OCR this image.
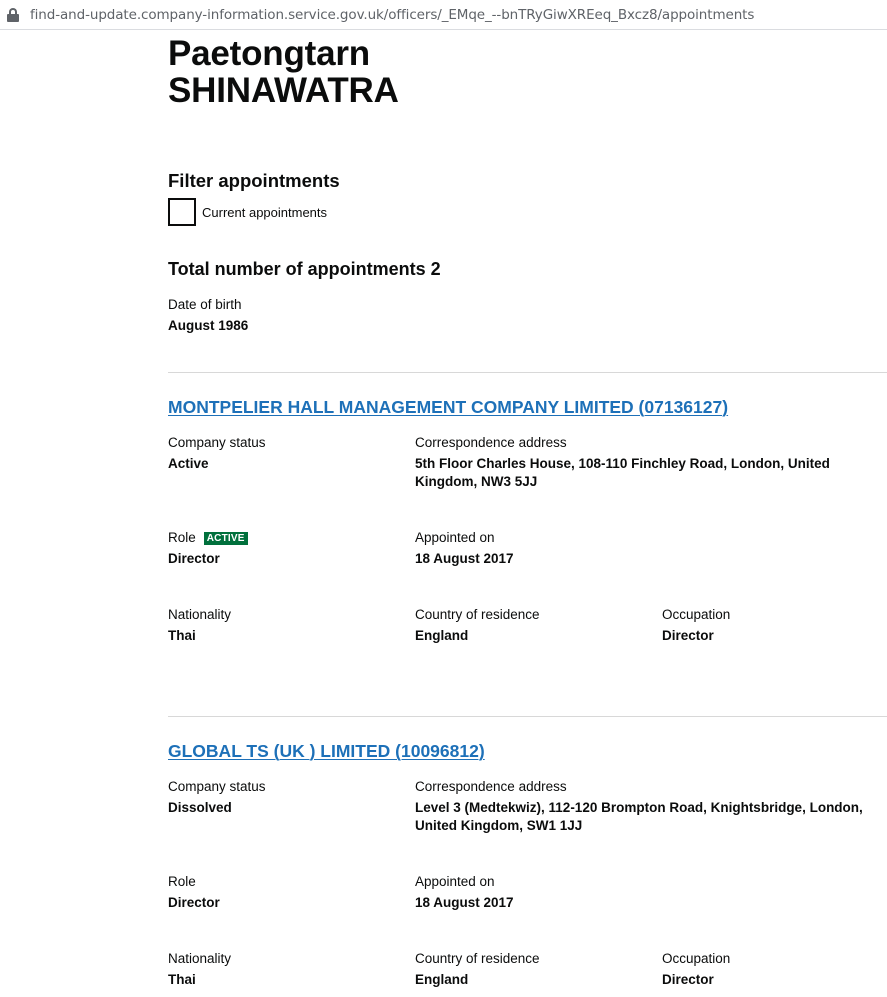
find-and-update.company-information.service.gov.uk/officers/_EMqe_--bnTRyGiwXREeq_Bxcz8/appointments
Paetongtarn
SHINAWATRA
Filter appointments
Current appointments
Total number of appointments 2
Date of birth
August 1986
MONTPELIER HALL MANAGEMENT COMPANY LIMITED (07136127)
Company status
Active
Correspondence address
5th Floor Charles House, 108-110 Finchley Road, London, United Kingdom, NW3 5JJ
Role ACTIVE
Director
Appointed on
18 August 2017
Nationality
Thai
Country of residence
England
Occupation
Director
GLOBAL TS (UK ) LIMITED (10096812)
Company status
Dissolved
Correspondence address
Level 3 (Medtekwiz), 112-120 Brompton Road, Knightsbridge, London, United Kingdom, SW1 1JJ
Role
Director
Appointed on
18 August 2017
Nationality
Thai
Country of residence
England
Occupation
Director
